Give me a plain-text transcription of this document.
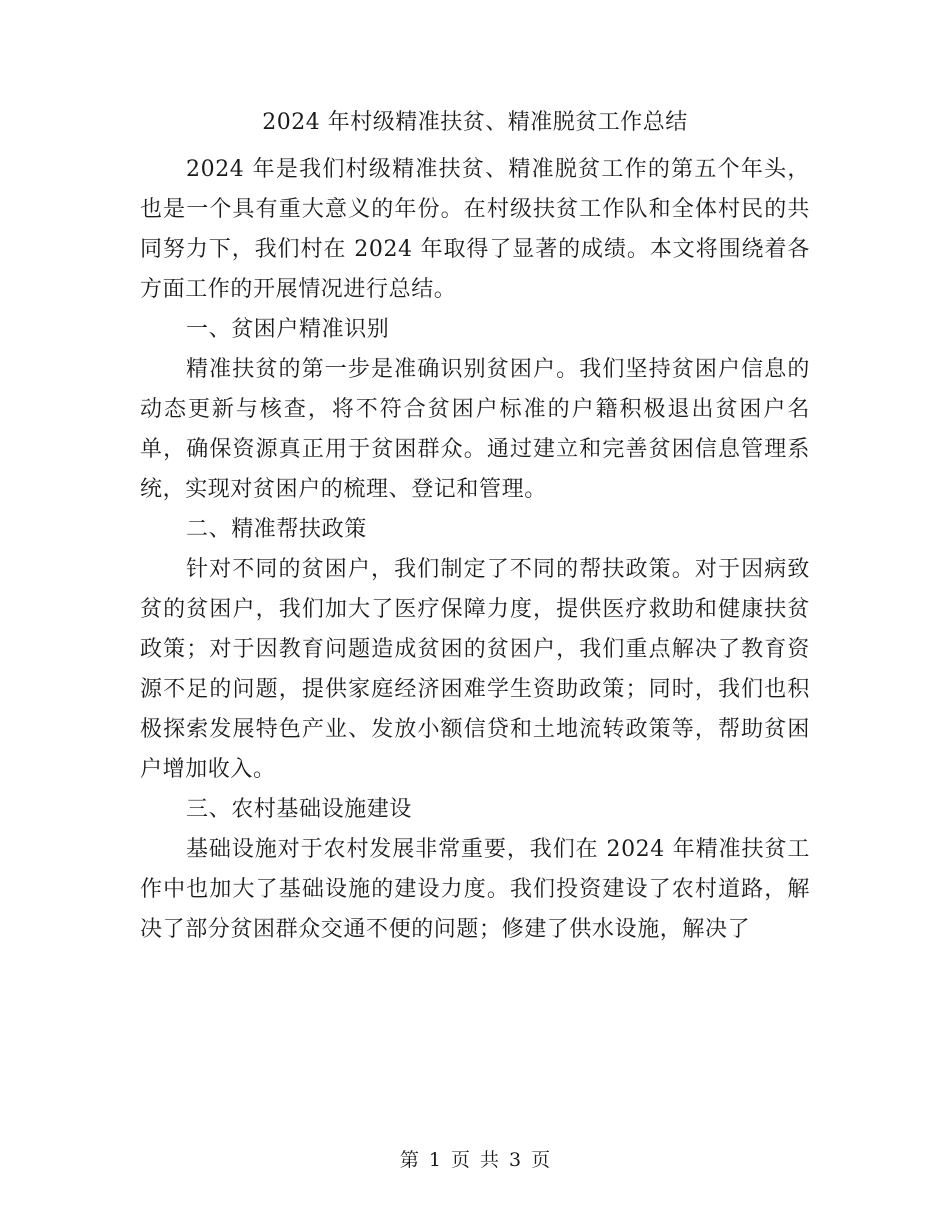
2024 年村级精准扶贫、精准脱贫工作总结

2024 年是我们村级精准扶贫、精准脱贫工作的第五个年头，也是一个具有重大意义的年份。在村级扶贫工作队和全体村民的共同努力下，我们村在 2024 年取得了显著的成绩。本文将围绕着各方面工作的开展情况进行总结。

一、贫困户精准识别

精准扶贫的第一步是准确识别贫困户。我们坚持贫困户信息的动态更新与核查，将不符合贫困户标准的户籍积极退出贫困户名单，确保资源真正用于贫困群众。通过建立和完善贫困信息管理系统，实现对贫困户的梳理、登记和管理。

二、精准帮扶政策

针对不同的贫困户，我们制定了不同的帮扶政策。对于因病致贫的贫困户，我们加大了医疗保障力度，提供医疗救助和健康扶贫政策；对于因教育问题造成贫困的贫困户，我们重点解决了教育资源不足的问题，提供家庭经济困难学生资助政策；同时，我们也积极探索发展特色产业、发放小额信贷和土地流转政策等，帮助贫困户增加收入。

三、农村基础设施建设

基础设施对于农村发展非常重要，我们在 2024 年精准扶贫工作中也加大了基础设施的建设力度。我们投资建设了农村道路，解决了部分贫困群众交通不便的问题；修建了供水设施，解决了

第 1 页 共 3 页
